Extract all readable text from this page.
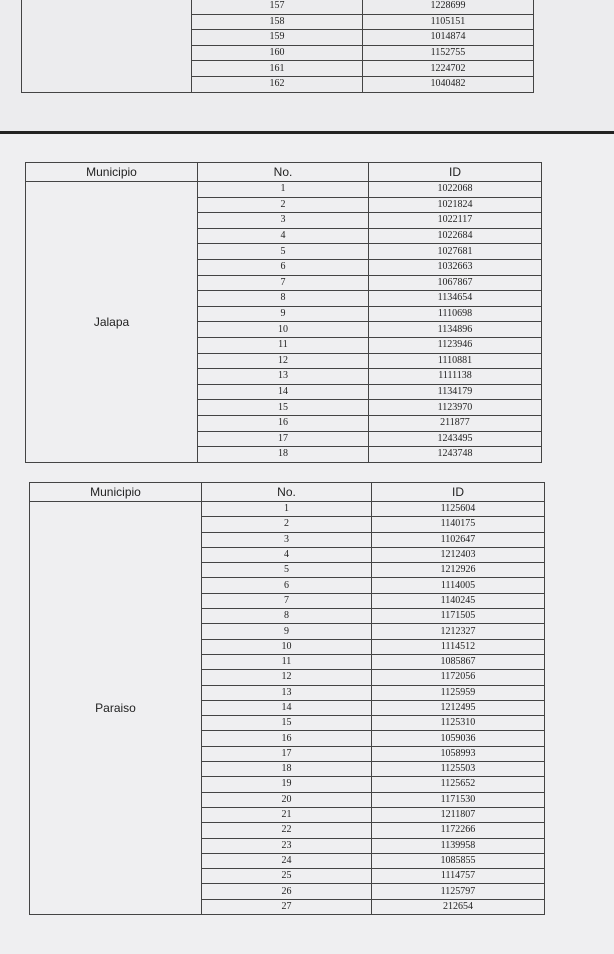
	157	1228699
	158	1105151
	159	1014874
	160	1152755
	161	1224702
	162	1040482
Municipio	No.	ID
Jalapa	1	1022068
	2	1021824
	3	1022117
	4	1022684
	5	1027681
	6	1032663
	7	1067867
	8	1134654
	9	1110698
	10	1134896
	11	1123946
	12	1110881
	13	1111138
	14	1134179
	15	1123970
	16	211877
	17	1243495
	18	1243748
Municipio	No.	ID
Paraiso	1	1125604
	2	1140175
	3	1102647
	4	1212403
	5	1212926
	6	1114005
	7	1140245
	8	1171505
	9	1212327
	10	1114512
	11	1085867
	12	1172056
	13	1125959
	14	1212495
	15	1125310
	16	1059036
	17	1058993
	18	1125503
	19	1125652
	20	1171530
	21	1211807
	22	1172266
	23	1139958
	24	1085855
	25	1114757
	26	1125797
	27	212654
